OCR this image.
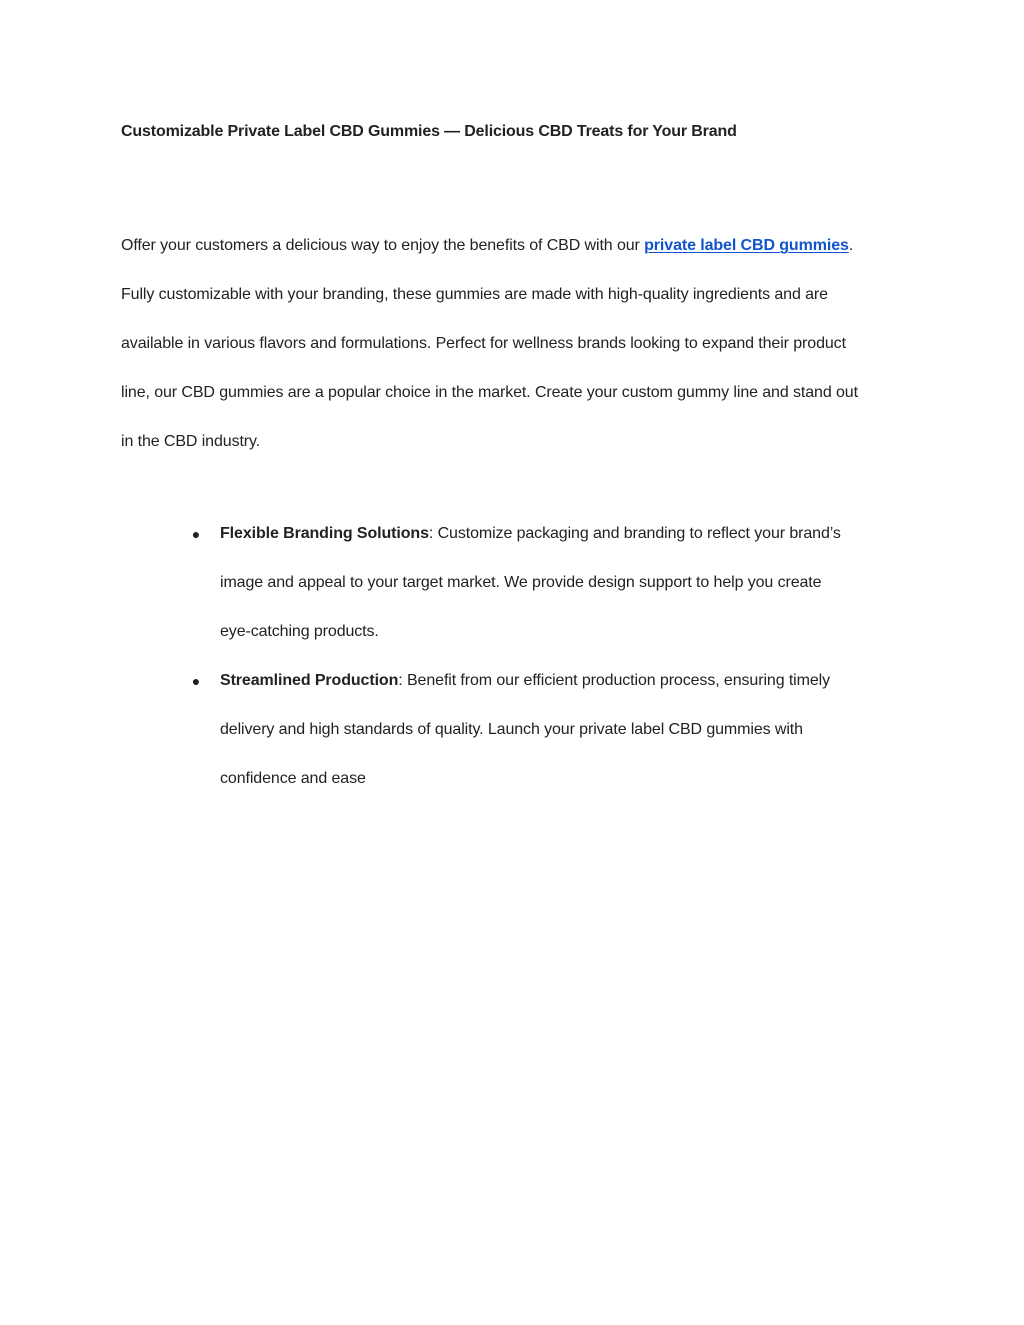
Customizable Private Label CBD Gummies — Delicious CBD Treats for Your Brand
Offer your customers a delicious way to enjoy the benefits of CBD with our private label CBD gummies.
Fully customizable with your branding, these gummies are made with high-quality ingredients and are
available in various flavors and formulations. Perfect for wellness brands looking to expand their product
line, our CBD gummies are a popular choice in the market. Create your custom gummy line and stand out
in the CBD industry.
● Flexible Branding Solutions: Customize packaging and branding to reflect your brand’s
image and appeal to your target market. We provide design support to help you create
eye-catching products.
● Streamlined Production: Benefit from our efficient production process, ensuring timely
delivery and high standards of quality. Launch your private label CBD gummies with
confidence and ease
